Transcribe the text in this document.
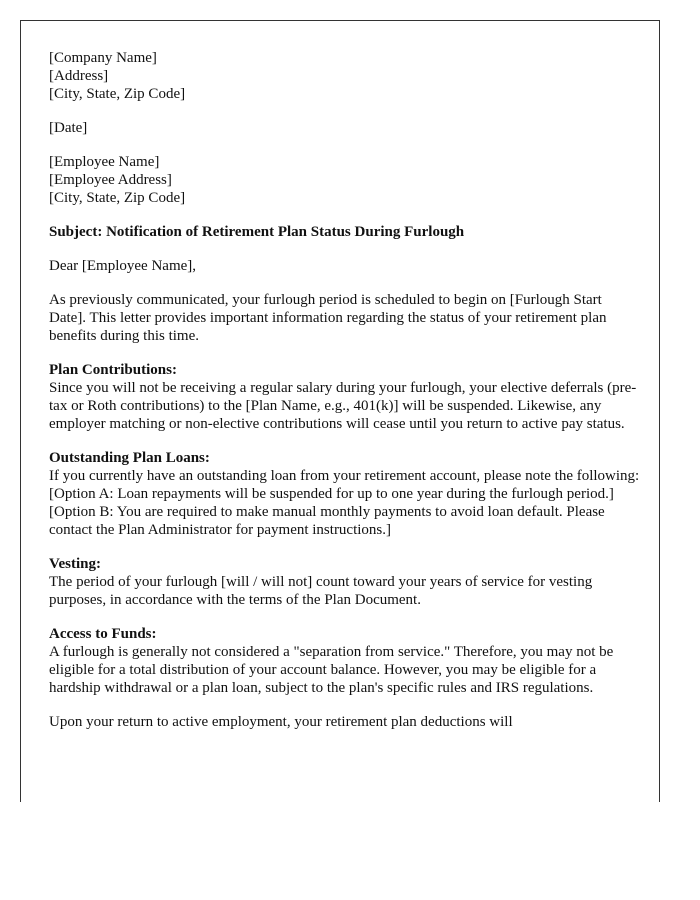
[Company Name]
[Address]
[City, State, Zip Code]

[Date]

[Employee Name]
[Employee Address]
[City, State, Zip Code]

Subject: Notification of Retirement Plan Status During Furlough

Dear [Employee Name],

As previously communicated, your furlough period is scheduled to begin on [Furlough Start Date]. This letter provides important information regarding the status of your retirement plan benefits during this time.

Plan Contributions:
Since you will not be receiving a regular salary during your furlough, your elective deferrals (pre-tax or Roth contributions) to the [Plan Name, e.g., 401(k)] will be suspended. Likewise, any employer matching or non-elective contributions will cease until you return to active pay status.

Outstanding Plan Loans:
If you currently have an outstanding loan from your retirement account, please note the following:
[Option A: Loan repayments will be suspended for up to one year during the furlough period.]
[Option B: You are required to make manual monthly payments to avoid loan default. Please contact the Plan Administrator for payment instructions.]

Vesting:
The period of your furlough [will / will not] count toward your years of service for vesting purposes, in accordance with the terms of the Plan Document.

Access to Funds:
A furlough is generally not considered a "separation from service." Therefore, you may not be eligible for a total distribution of your account balance. However, you may be eligible for a hardship withdrawal or a plan loan, subject to the plan's specific rules and IRS regulations.

Upon your return to active employment, your retirement plan deductions will
